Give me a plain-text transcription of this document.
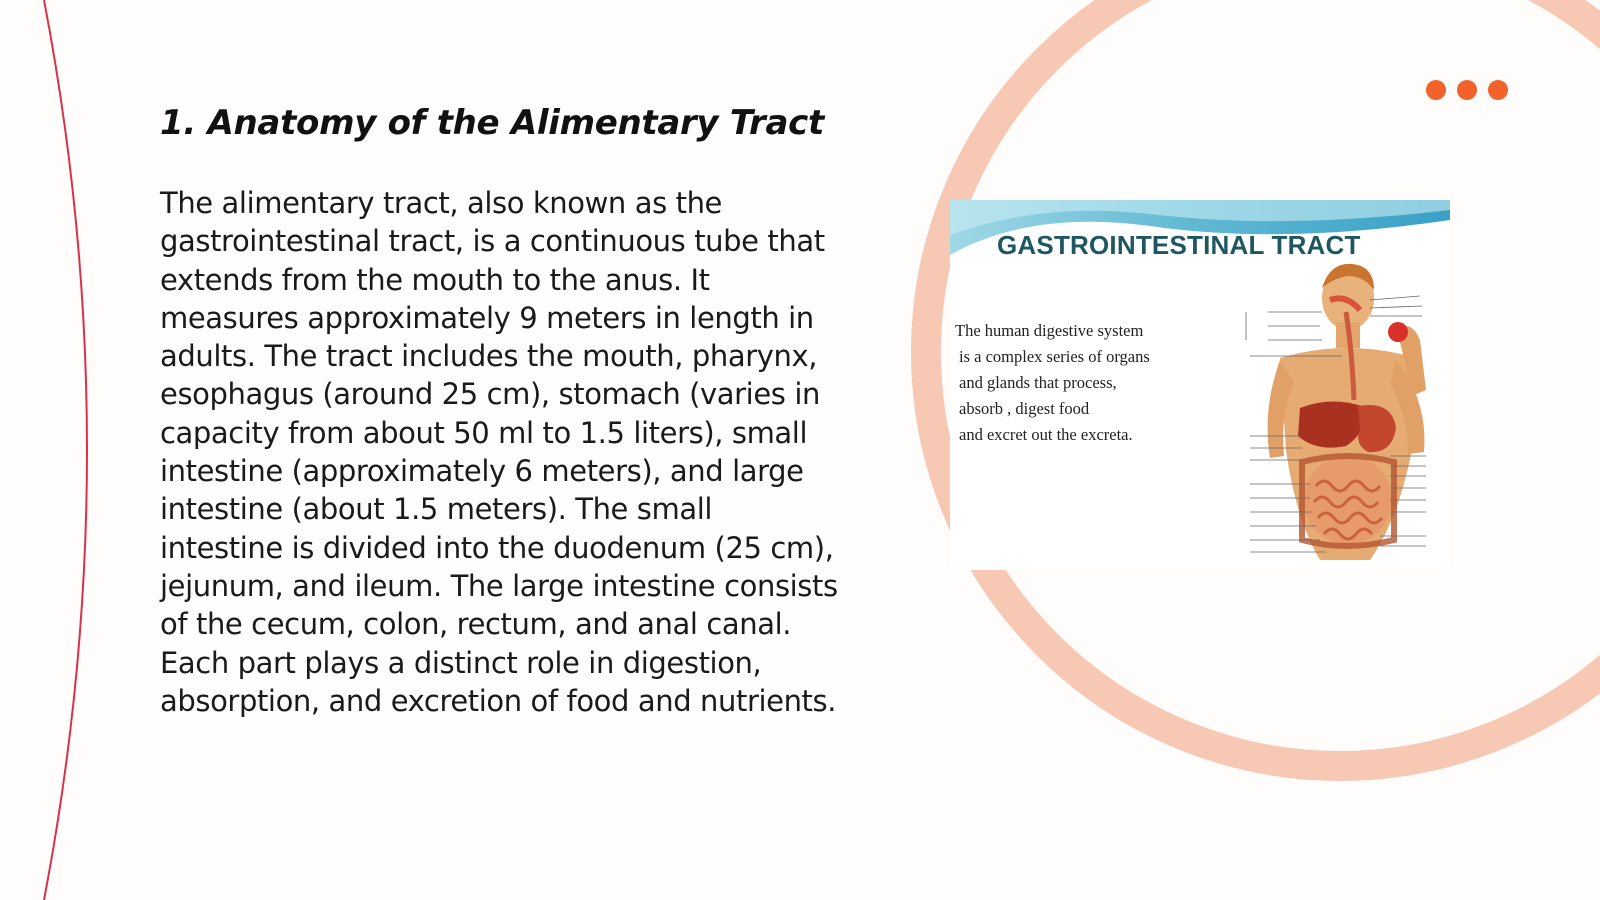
1. Anatomy of the Alimentary Tract

The alimentary tract, also known as the gastrointestinal tract, is a continuous tube that extends from the mouth to the anus. It measures approximately 9 meters in length in adults. The tract includes the mouth, pharynx, esophagus (around 25 cm), stomach (varies in capacity from about 50 ml to 1.5 liters), small intestine (approximately 6 meters), and large intestine (about 1.5 meters). The small intestine is divided into the duodenum (25 cm), jejunum, and ileum. The large intestine consists of the cecum, colon, rectum, and anal canal. Each part plays a distinct role in digestion, absorption, and excretion of food and nutrients.

GASTROINTESTINAL TRACT
The human digestive system
is a complex series of organs
and glands that process,
absorb , digest food
and excret out the excreta.
